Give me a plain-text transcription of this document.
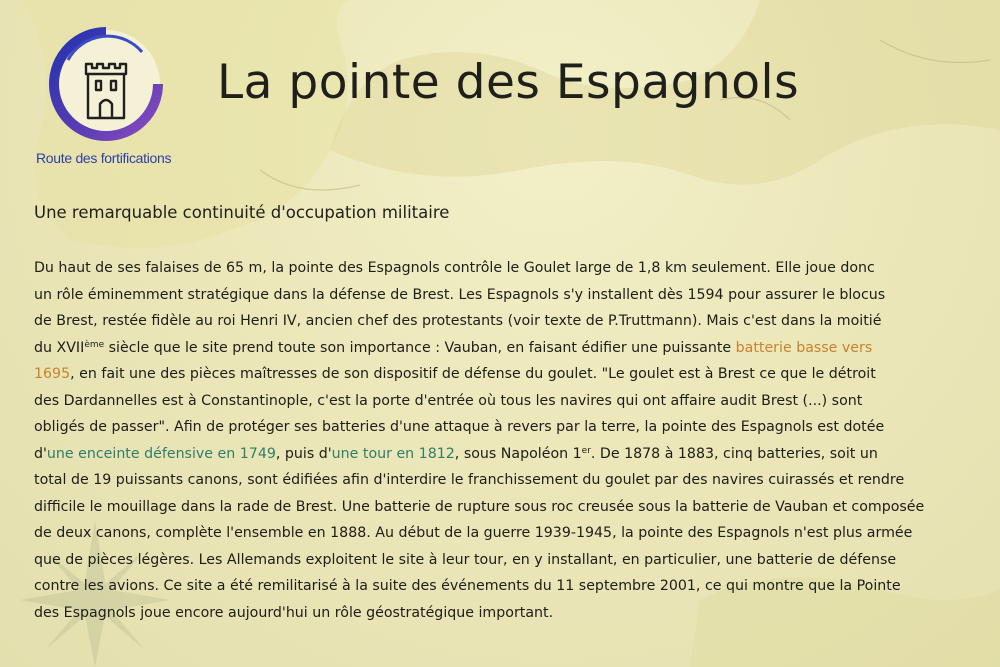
Route des fortifications
La pointe des Espagnols
Une remarquable continuité d'occupation militaire
Du haut de ses falaises de 65 m, la pointe des Espagnols contrôle le Goulet large de 1,8 km seulement. Elle joue donc
un rôle éminemment stratégique dans la défense de Brest. Les Espagnols s'y installent dès 1594 pour assurer le blocus
de Brest, restée fidèle au roi Henri IV, ancien chef des protestants (voir texte de P.Truttmann). Mais c'est dans la moitié
du XVIIème siècle que le site prend toute son importance : Vauban, en faisant édifier une puissante batterie basse vers
1695, en fait une des pièces maîtresses de son dispositif de défense du goulet. "Le goulet est à Brest ce que le détroit
des Dardannelles est à Constantinople, c'est la porte d'entrée où tous les navires qui ont affaire audit Brest (...) sont
obligés de passer". Afin de protéger ses batteries d'une attaque à revers par la terre, la pointe des Espagnols est dotée
d'une enceinte défensive en 1749, puis d'une tour en 1812, sous Napoléon 1er. De 1878 à 1883, cinq batteries, soit un
total de 19 puissants canons, sont édifiées afin d'interdire le franchissement du goulet par des navires cuirassés et rendre
difficile le mouillage dans la rade de Brest. Une batterie de rupture sous roc creusée sous la batterie de Vauban et composée
de deux canons, complète l'ensemble en 1888. Au début de la guerre 1939-1945, la pointe des Espagnols n'est plus armée
que de pièces légères. Les Allemands exploitent le site à leur tour, en y installant, en particulier, une batterie de défense
contre les avions. Ce site a été remilitarisé à la suite des événements du 11 septembre 2001, ce qui montre que la Pointe
des Espagnols joue encore aujourd'hui un rôle géostratégique important.
